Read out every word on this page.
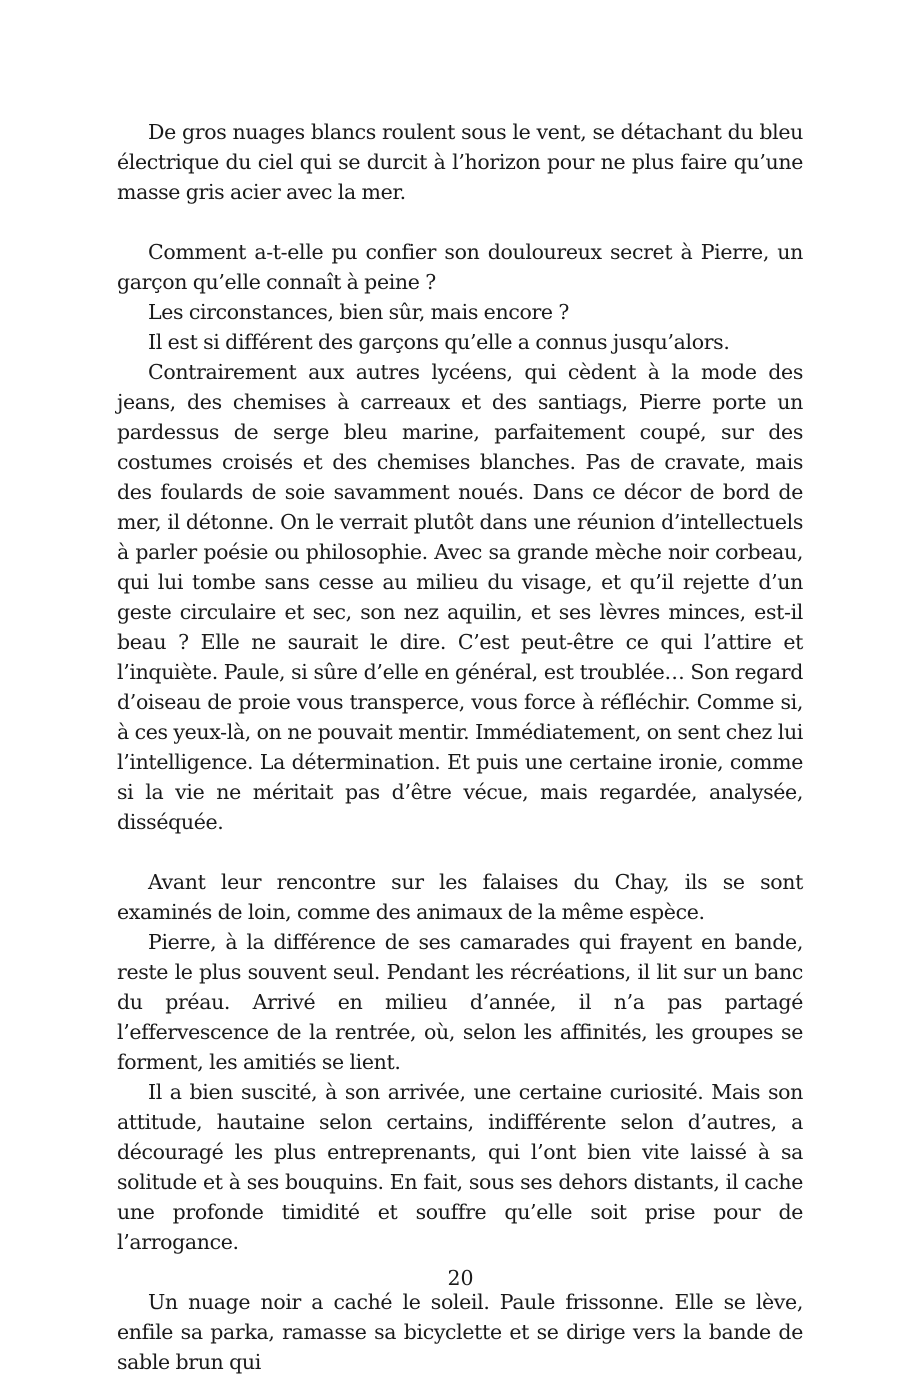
De gros nuages blancs roulent sous le vent, se détachant du bleu électrique du ciel qui se durcit à l’horizon pour ne plus faire qu’une masse gris acier avec la mer.

Comment a-t-elle pu confier son douloureux secret à Pierre, un garçon qu’elle connaît à peine ?

Les circonstances, bien sûr, mais encore ?

Il est si différent des garçons qu’elle a connus jusqu’alors.

Contrairement aux autres lycéens, qui cèdent à la mode des jeans, des chemises à carreaux et des santiags, Pierre porte un pardessus de serge bleu marine, parfaitement coupé, sur des costumes croisés et des chemises blanches. Pas de cravate, mais des foulards de soie savamment noués. Dans ce décor de bord de mer, il détonne. On le verrait plutôt dans une réunion d’intellectuels à parler poésie ou philosophie. Avec sa grande mèche noir corbeau, qui lui tombe sans cesse au milieu du visage, et qu’il rejette d’un geste circulaire et sec, son nez aquilin, et ses lèvres minces, est-il beau ? Elle ne saurait le dire. C’est peut-être ce qui l’attire et l’inquiète. Paule, si sûre d’elle en général, est troublée… Son regard d’oiseau de proie vous transperce, vous force à réfléchir. Comme si, à ces yeux-là, on ne pouvait mentir. Immédiatement, on sent chez lui l’intelligence. La détermination. Et puis une certaine ironie, comme si la vie ne méritait pas d’être vécue, mais regardée, analysée, disséquée.

Avant leur rencontre sur les falaises du Chay, ils se sont examinés de loin, comme des animaux de la même espèce.

Pierre, à la différence de ses camarades qui frayent en bande, reste le plus souvent seul. Pendant les récréations, il lit sur un banc du préau. Arrivé en milieu d’année, il n’a pas partagé l’effervescence de la rentrée, où, selon les affinités, les groupes se forment, les amitiés se lient.

Il a bien suscité, à son arrivée, une certaine curiosité. Mais son attitude, hautaine selon certains, indifférente selon d’autres, a découragé les plus entreprenants, qui l’ont bien vite laissé à sa solitude et à ses bouquins. En fait, sous ses dehors distants, il cache une profonde timidité et souffre qu’elle soit prise pour de l’arrogance.

Un nuage noir a caché le soleil. Paule frissonne. Elle se lève, enfile sa parka, ramasse sa bicyclette et se dirige vers la bande de sable brun qui

20
